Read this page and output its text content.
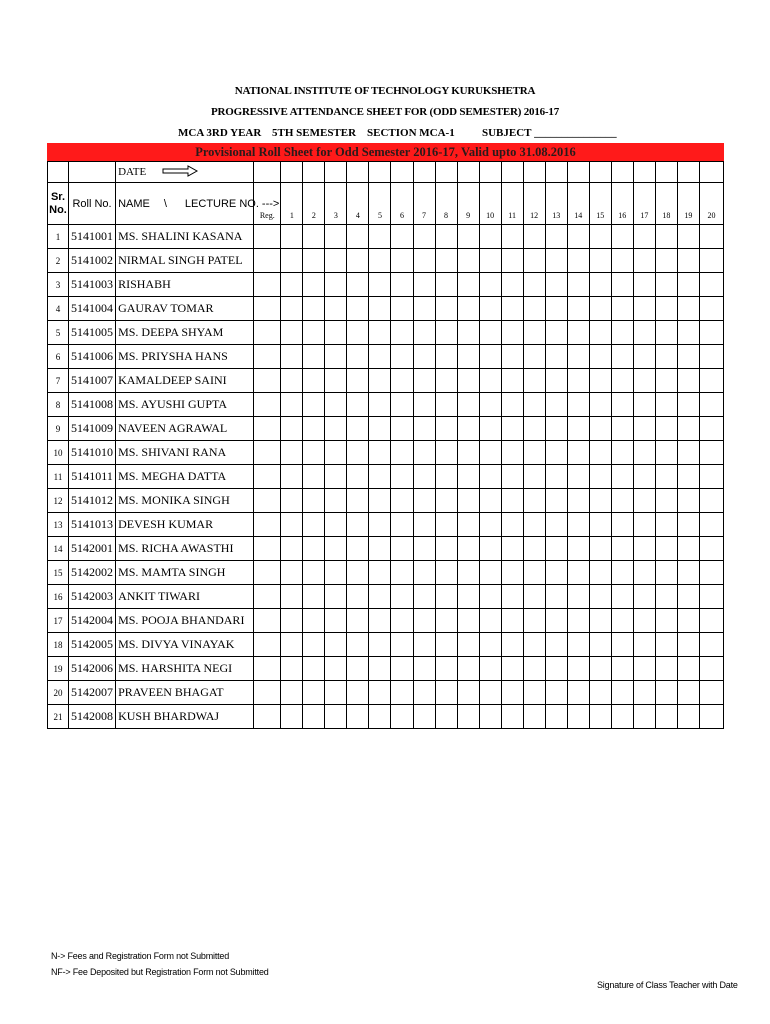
NATIONAL INSTITUTE OF TECHNOLOGY KURUKSHETRA
PROGRESSIVE ATTENDANCE SHEET FOR (ODD SEMESTER) 2016-17
MCA 3RD YEAR 5TH SEMESTER SECTION MCA-1 SUBJECT _______________
Provisional Roll Sheet for Odd Semester 2016-17, Valid upto 31.08.2016
		DATE																					

Sr.
No.	Roll No.	NAME \ LECTURE NO. --->	Reg.	1	2	3	4	5	6	7	8	9	10	11	12	13	14	15	16	17	18	19	20
1	5141001	MS. SHALINI KASANA																					
2	5141002	NIRMAL SINGH PATEL																					
3	5141003	RISHABH																					
4	5141004	GAURAV TOMAR																					
5	5141005	MS. DEEPA SHYAM																					
6	5141006	MS. PRIYSHA HANS																					
7	5141007	KAMALDEEP SAINI																					
8	5141008	MS. AYUSHI GUPTA																					
9	5141009	NAVEEN AGRAWAL																					
10	5141010	MS. SHIVANI RANA																					
11	5141011	MS. MEGHA DATTA																					
12	5141012	MS. MONIKA SINGH																					
13	5141013	DEVESH KUMAR																					
14	5142001	MS. RICHA AWASTHI																					
15	5142002	MS. MAMTA SINGH																					
16	5142003	ANKIT TIWARI																					
17	5142004	MS. POOJA BHANDARI																					
18	5142005	MS. DIVYA VINAYAK																					
19	5142006	MS. HARSHITA NEGI																					
20	5142007	PRAVEEN BHAGAT																					
21	5142008	KUSH BHARDWAJ																					
N-> Fees and Registration Form not Submitted
NF-> Fee Deposited but Registration Form not Submitted
Signature of Class Teacher with Date
